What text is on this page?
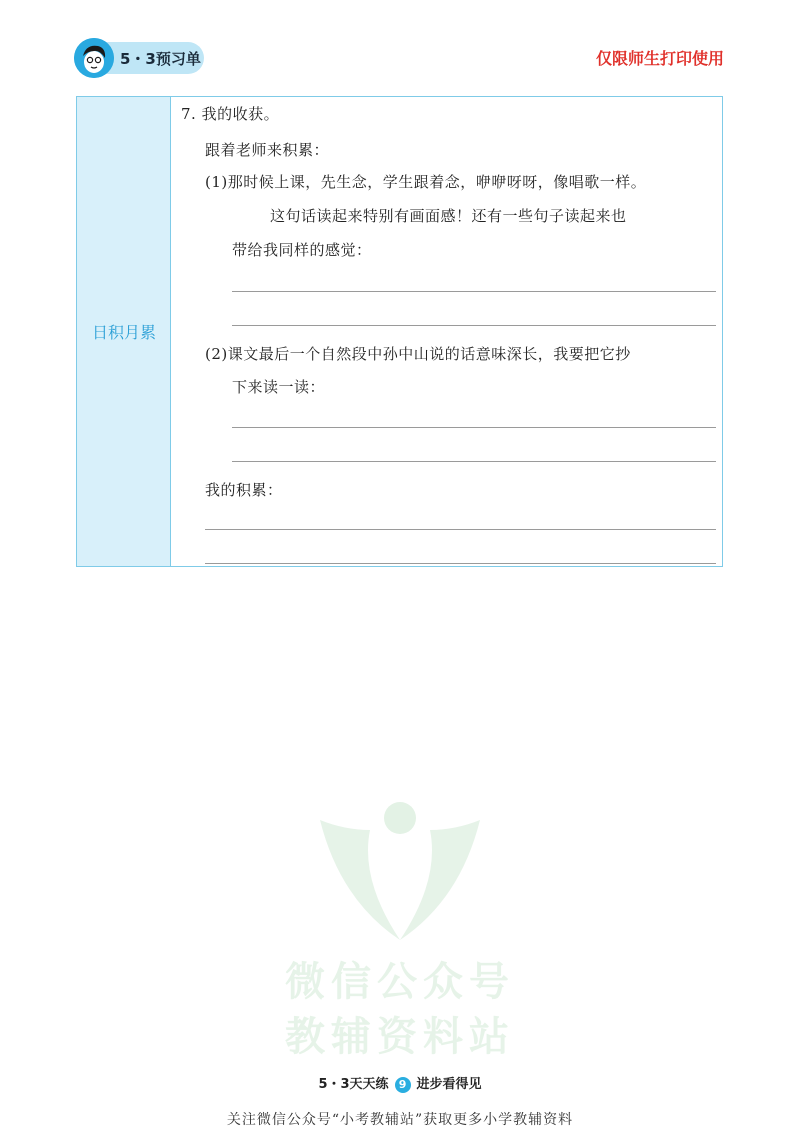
5・3预习单	仅限师生打印使用
日积月累
7. 我的收获。
跟着老师来积累：
(1)那时候上课，先生念，学生跟着念，咿咿呀呀，像唱歌一样。
这句话读起来特别有画面感！还有一些句子读起来也
带给我同样的感觉：
(2)课文最后一个自然段中孙中山说的话意味深长，我要把它抄
下来读一读：
我的积累：
微信公众号
教辅资料站
5・3天天练 9 进步看得见
关注微信公众号“小考教辅站”获取更多小学教辅资料
